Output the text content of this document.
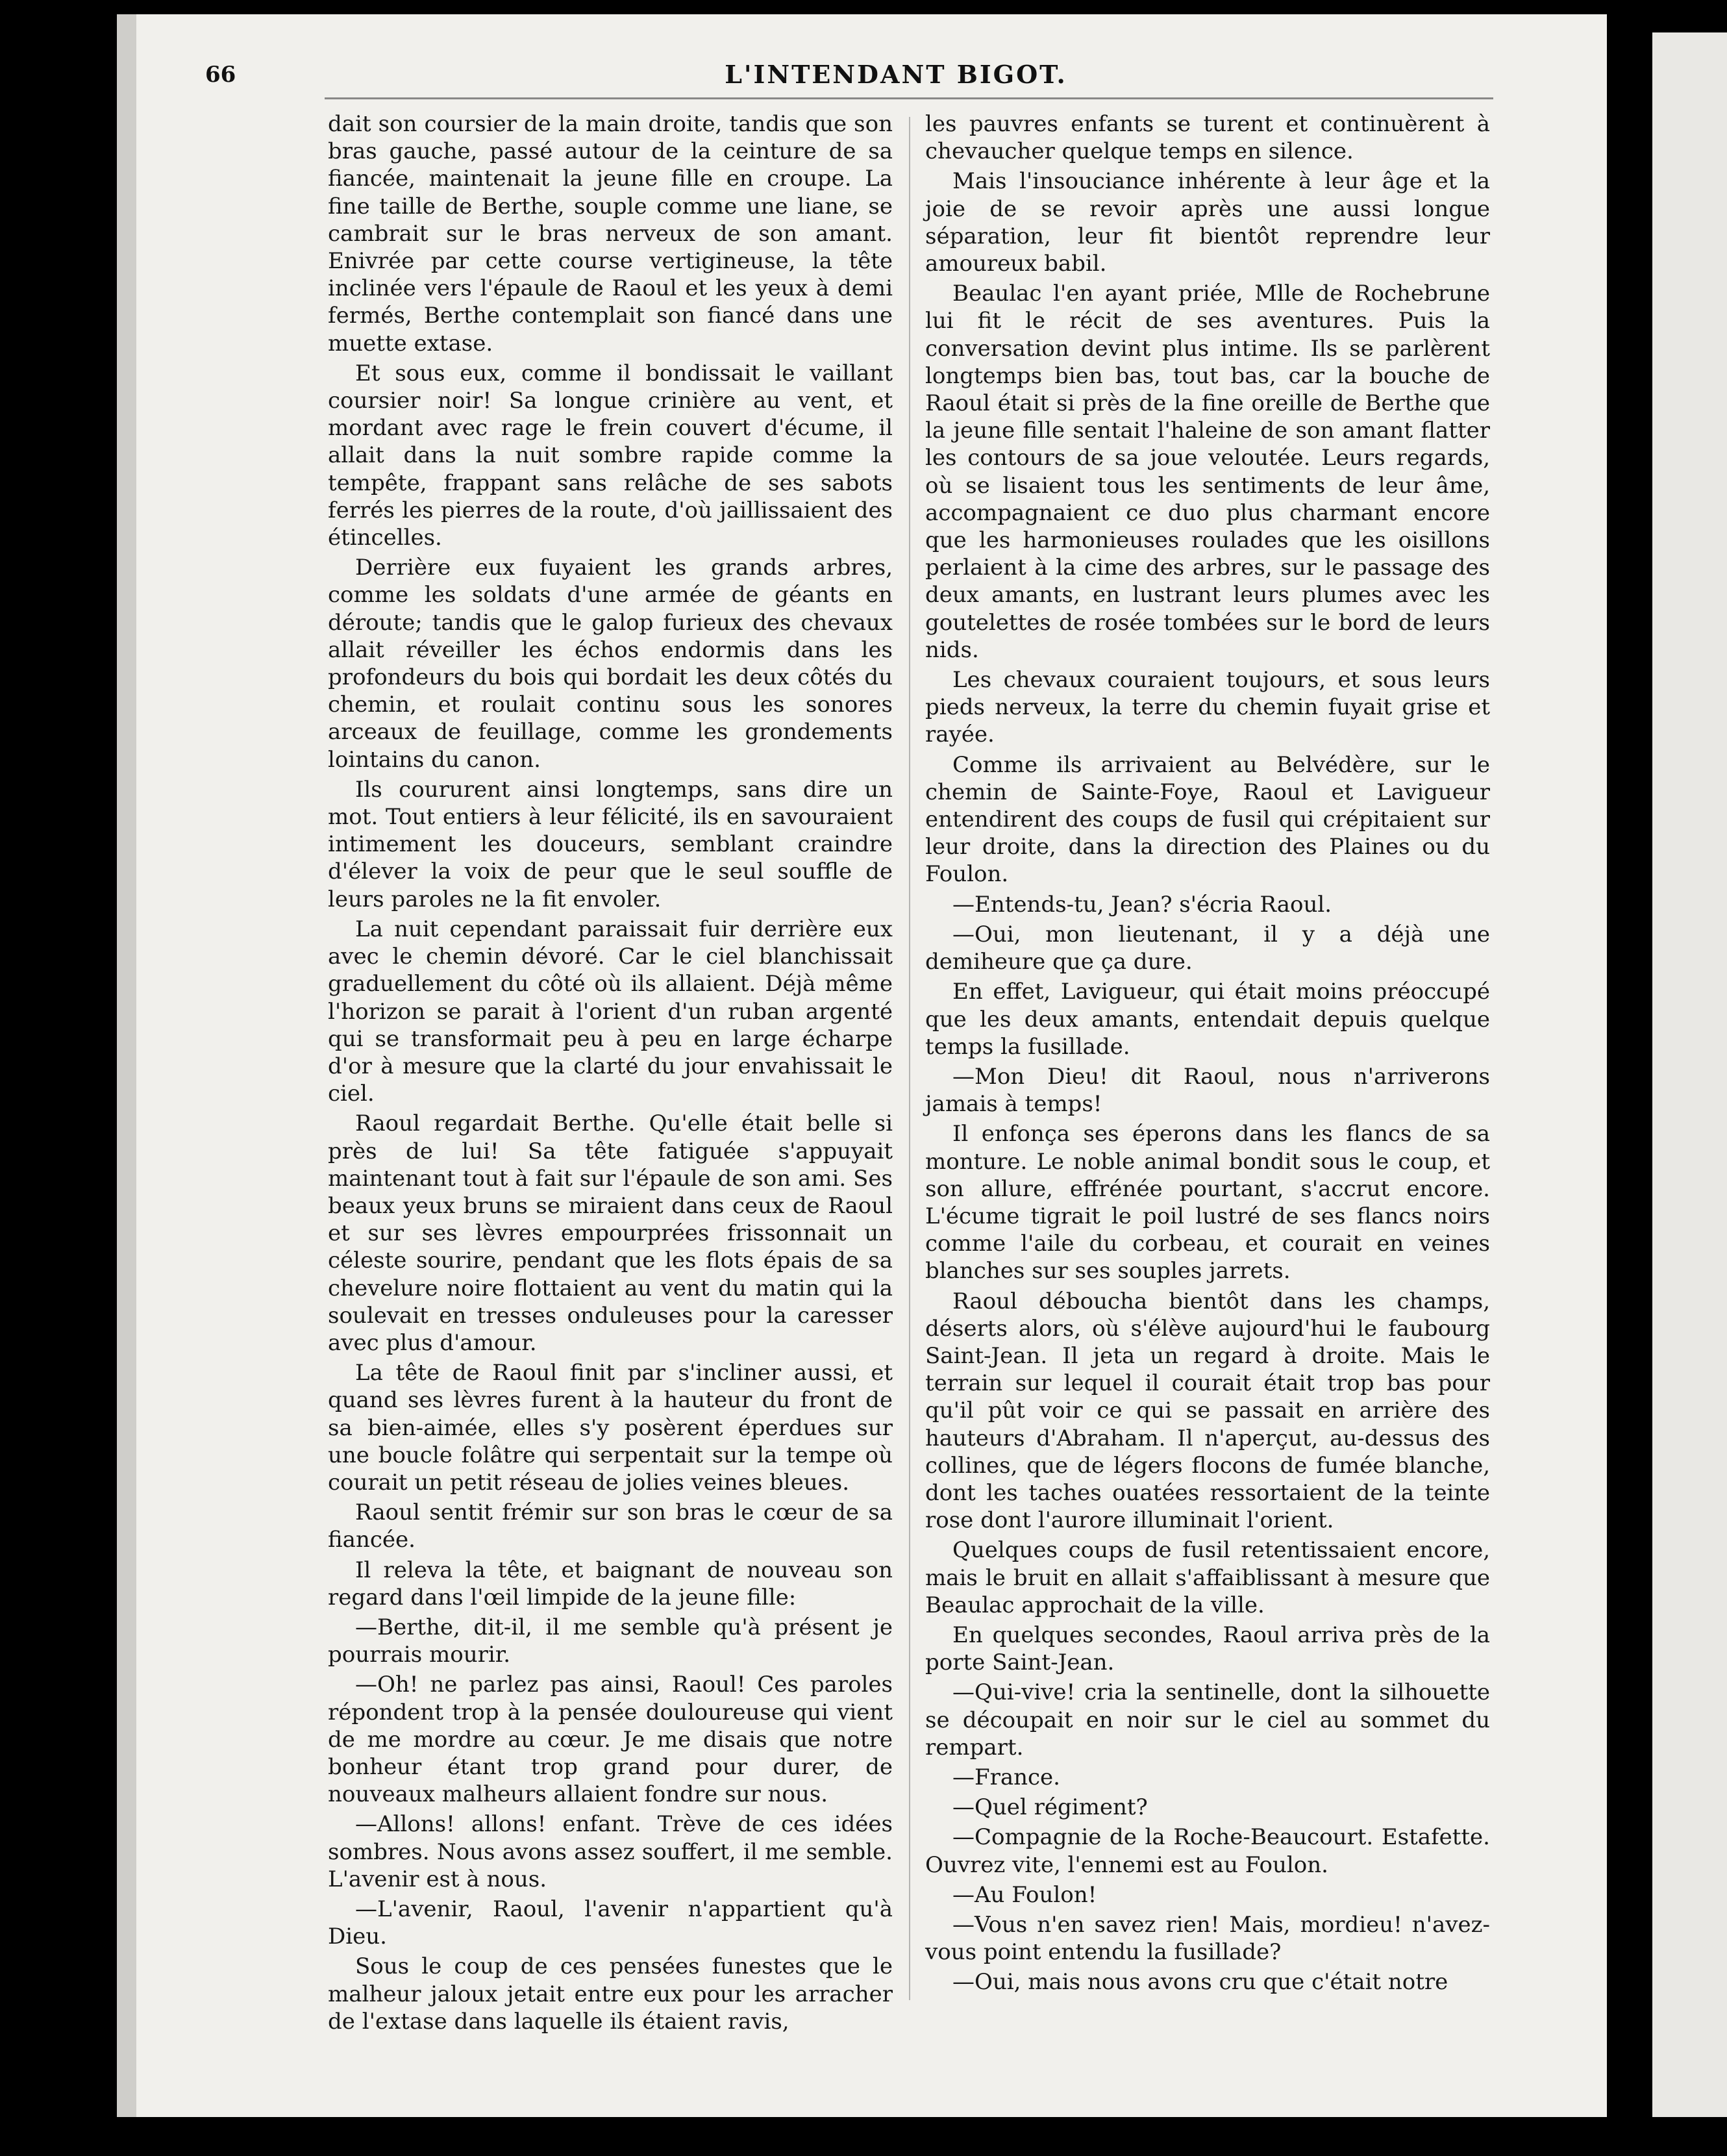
66	L'INTENDANT BIGOT.

dait son coursier de la main droite, tandis que son bras gauche, passé autour de la ceinture de sa fiancée, maintenait la jeune fille en croupe. La fine taille de Berthe, souple comme une liane, se cambrait sur le bras nerveux de son amant. Enivrée par cette course vertigineuse, la tête inclinée vers l'épaule de Raoul et les yeux à demi fermés, Berthe contemplait son fiancé dans une muette extase.

Et sous eux, comme il bondissait le vaillant coursier noir! Sa longue crinière au vent, et mordant avec rage le frein couvert d'écume, il allait dans la nuit sombre rapide comme la tempête, frappant sans relâche de ses sabots ferrés les pierres de la route, d'où jaillissaient des étincelles.

Derrière eux fuyaient les grands arbres, comme les soldats d'une armée de géants en déroute; tandis que le galop furieux des chevaux allait réveiller les échos endormis dans les profondeurs du bois qui bordait les deux côtés du chemin, et roulait continu sous les sonores arceaux de feuillage, comme les grondements lointains du canon.

Ils coururent ainsi longtemps, sans dire un mot. Tout entiers à leur félicité, ils en savouraient intimement les douceurs, semblant craindre d'élever la voix de peur que le seul souffle de leurs paroles ne la fit envoler.

La nuit cependant paraissait fuir derrière eux avec le chemin dévoré. Car le ciel blanchissait graduellement du côté où ils allaient. Déjà même l'horizon se parait à l'orient d'un ruban argenté qui se transformait peu à peu en large écharpe d'or à mesure que la clarté du jour envahissait le ciel.

Raoul regardait Berthe. Qu'elle était belle si près de lui! Sa tête fatiguée s'appuyait maintenant tout à fait sur l'épaule de son ami. Ses beaux yeux bruns se miraient dans ceux de Raoul et sur ses lèvres empourprées frissonnait un céleste sourire, pendant que les flots épais de sa chevelure noire flottaient au vent du matin qui la soulevait en tresses onduleuses pour la caresser avec plus d'amour.

La tête de Raoul finit par s'incliner aussi, et quand ses lèvres furent à la hauteur du front de sa bien-aimée, elles s'y posèrent éperdues sur une boucle folâtre qui serpentait sur la tempe où courait un petit réseau de jolies veines bleues.

Raoul sentit frémir sur son bras le cœur de sa fiancée.

Il releva la tête, et baignant de nouveau son regard dans l'œil limpide de la jeune fille:

—Berthe, dit-il, il me semble qu'à présent je pourrais mourir.

—Oh! ne parlez pas ainsi, Raoul! Ces paroles répondent trop à la pensée douloureuse qui vient de me mordre au cœur. Je me disais que notre bonheur étant trop grand pour durer, de nouveaux malheurs allaient fondre sur nous.

—Allons! allons! enfant. Trève de ces idées sombres. Nous avons assez souffert, il me semble. L'avenir est à nous.

—L'avenir, Raoul, l'avenir n'appartient qu'à Dieu.

Sous le coup de ces pensées funestes que le malheur jaloux jetait entre eux pour les arracher de l'extase dans laquelle ils étaient ravis,

les pauvres enfants se turent et continuèrent à chevaucher quelque temps en silence.

Mais l'insouciance inhérente à leur âge et la joie de se revoir après une aussi longue séparation, leur fit bientôt reprendre leur amoureux babil.

Beaulac l'en ayant priée, Mlle de Rochebrune lui fit le récit de ses aventures. Puis la conversation devint plus intime. Ils se parlèrent longtemps bien bas, tout bas, car la bouche de Raoul était si près de la fine oreille de Berthe que la jeune fille sentait l'haleine de son amant flatter les contours de sa joue veloutée. Leurs regards, où se lisaient tous les sentiments de leur âme, accompagnaient ce duo plus charmant encore que les harmonieuses roulades que les oisillons perlaient à la cime des arbres, sur le passage des deux amants, en lustrant leurs plumes avec les goutelettes de rosée tombées sur le bord de leurs nids.

Les chevaux couraient toujours, et sous leurs pieds nerveux, la terre du chemin fuyait grise et rayée.

Comme ils arrivaient au Belvédère, sur le chemin de Sainte-Foye, Raoul et Lavigueur entendirent des coups de fusil qui crépitaient sur leur droite, dans la direction des Plaines ou du Foulon.

—Entends-tu, Jean? s'écria Raoul.

—Oui, mon lieutenant, il y a déjà une demiheure que ça dure.

En effet, Lavigueur, qui était moins préoccupé que les deux amants, entendait depuis quelque temps la fusillade.

—Mon Dieu! dit Raoul, nous n'arriverons jamais à temps!

Il enfonça ses éperons dans les flancs de sa monture. Le noble animal bondit sous le coup, et son allure, effrénée pourtant, s'accrut encore. L'écume tigrait le poil lustré de ses flancs noirs comme l'aile du corbeau, et courait en veines blanches sur ses souples jarrets.

Raoul déboucha bientôt dans les champs, déserts alors, où s'élève aujourd'hui le faubourg Saint-Jean. Il jeta un regard à droite. Mais le terrain sur lequel il courait était trop bas pour qu'il pût voir ce qui se passait en arrière des hauteurs d'Abraham. Il n'aperçut, au-dessus des collines, que de légers flocons de fumée blanche, dont les taches ouatées ressortaient de la teinte rose dont l'aurore illuminait l'orient.

Quelques coups de fusil retentissaient encore, mais le bruit en allait s'affaiblissant à mesure que Beaulac approchait de la ville.

En quelques secondes, Raoul arriva près de la porte Saint-Jean.

—Qui-vive! cria la sentinelle, dont la silhouette se découpait en noir sur le ciel au sommet du rempart.

—France.

—Quel régiment?

—Compagnie de la Roche-Beaucourt. Estafette. Ouvrez vite, l'ennemi est au Foulon.

—Au Foulon!

—Vous n'en savez rien! Mais, mordieu! n'avez-vous point entendu la fusillade?

—Oui, mais nous avons cru que c'était notre
